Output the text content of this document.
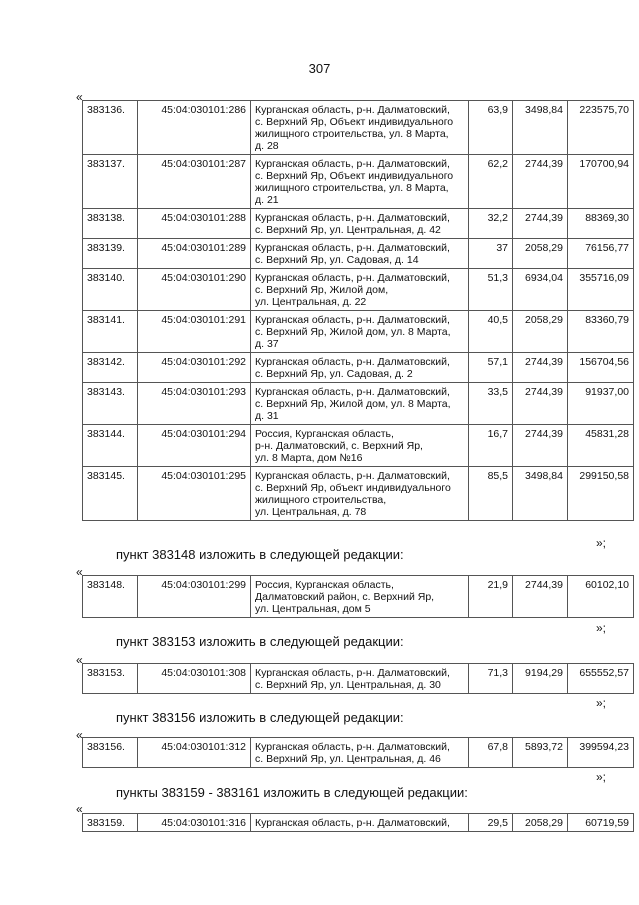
307
«
383136.	45:04:030101:286	Курганская область, р-н. Далматовский,
с. Верхний Яр, Объект индивидуального
жилищного строительства, ул. 8 Марта,
д. 28	63,9	3498,84	223575,70
383137.	45:04:030101:287	Курганская область, р-н. Далматовский,
с. Верхний Яр, Объект индивидуального
жилищного строительства, ул. 8 Марта,
д. 21	62,2	2744,39	170700,94
383138.	45:04:030101:288	Курганская область, р-н. Далматовский,
с. Верхний Яр, ул. Центральная, д. 42	32,2	2744,39	88369,30
383139.	45:04:030101:289	Курганская область, р-н. Далматовский,
с. Верхний Яр, ул. Садовая, д. 14	37	2058,29	76156,77
383140.	45:04:030101:290	Курганская область, р-н. Далматовский,
с. Верхний Яр, Жилой дом,
ул. Центральная, д. 22	51,3	6934,04	355716,09
383141.	45:04:030101:291	Курганская область, р-н. Далматовский,
с. Верхний Яр, Жилой дом, ул. 8 Марта,
д. 37	40,5	2058,29	83360,79
383142.	45:04:030101:292	Курганская область, р-н. Далматовский,
с. Верхний Яр, ул. Садовая, д. 2	57,1	2744,39	156704,56
383143.	45:04:030101:293	Курганская область, р-н. Далматовский,
с. Верхний Яр, Жилой дом, ул. 8 Марта,
д. 31	33,5	2744,39	91937,00
383144.	45:04:030101:294	Россия, Курганская область,
р-н. Далматовский, с. Верхний Яр,
ул. 8 Марта, дом №16	16,7	2744,39	45831,28
383145.	45:04:030101:295	Курганская область, р-н. Далматовский,
с. Верхний Яр, объект индивидуального
жилищного строительства,
ул. Центральная, д. 78	85,5	3498,84	299150,58
»;
пункт 383148 изложить в следующей редакции:
«
383148.	45:04:030101:299	Россия, Курганская область,
Далматовский район, с. Верхний Яр,
ул. Центральная, дом 5
	21,9	2744,39	60102,10
»;
пункт 383153 изложить в следующей редакции:
«
383153.	45:04:030101:308	Курганская область, р-н. Далматовский,
с. Верхний Яр, ул. Центральная, д. 30
	71,3	9194,29	655552,57
»;
пункт 383156 изложить в следующей редакции:
«
383156.	45:04:030101:312	Курганская область, р-н. Далматовский,
с. Верхний Яр, ул. Центральная, д. 46
	67,8	5893,72	399594,23
»;
пункты 383159 - 383161 изложить в следующей редакции:
«
383159.	45:04:030101:316	Курганская область, р-н. Далматовский,	29,5	2058,29	60719,59
